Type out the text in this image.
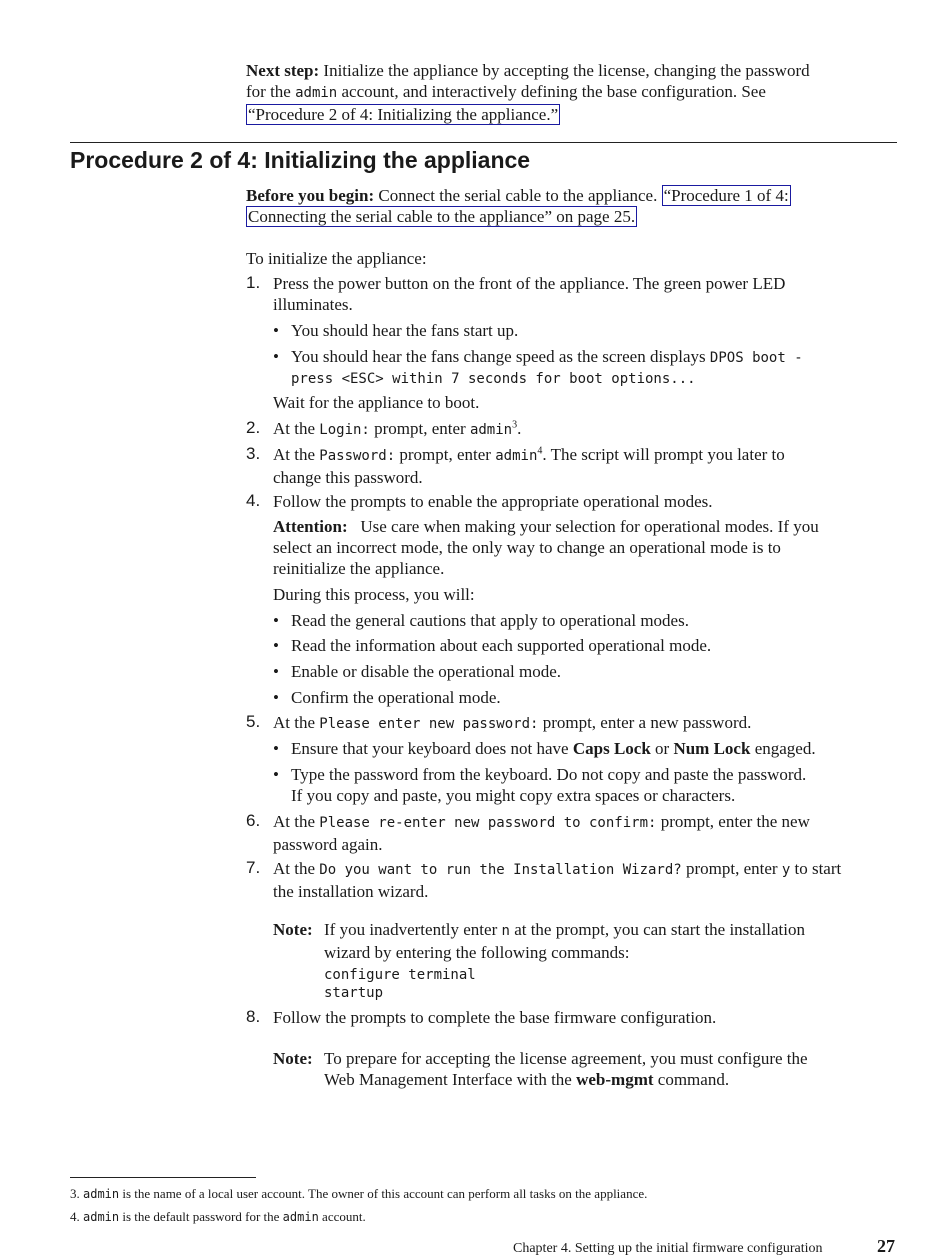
Next step: Initialize the appliance by accepting the license, changing the password
for the admin account, and interactively defining the base configuration. See
“Procedure 2 of 4: Initializing the appliance.”
Procedure 2 of 4: Initializing the appliance
Before you begin: Connect the serial cable to the appliance. “Procedure 1 of 4:
Connecting the serial cable to the appliance” on page 25.
To initialize the appliance:
1. Press the power button on the front of the appliance. The green power LED
illuminates.
• You should hear the fans start up.
• You should hear the fans change speed as the screen displays DPOS boot -
press <ESC> within 7 seconds for boot options...
Wait for the appliance to boot.
2. At the Login: prompt, enter admin$^3$.
3. At the Password: prompt, enter admin$^4$. The script will prompt you later to
change this password.
4. Follow the prompts to enable the appropriate operational modes.
Attention: Use care when making your selection for operational modes. If you
select an incorrect mode, the only way to change an operational mode is to
reinitialize the appliance.
During this process, you will:
• Read the general cautions that apply to operational modes.
• Read the information about each supported operational mode.
• Enable or disable the operational mode.
• Confirm the operational mode.
5. At the Please enter new password: prompt, enter a new password.
• Ensure that your keyboard does not have Caps Lock or Num Lock engaged.
• Type the password from the keyboard. Do not copy and paste the password.
If you copy and paste, you might copy extra spaces or characters.
6. At the Please re-enter new password to confirm: prompt, enter the new
password again.
7. At the Do you want to run the Installation Wizard? prompt, enter y to start
the installation wizard.
Note: If you inadvertently enter n at the prompt, you can start the installation
wizard by entering the following commands:
configure terminal
startup
8. Follow the prompts to complete the base firmware configuration.
Note: To prepare for accepting the license agreement, you must configure the
Web Management Interface with the web-mgmt command.
3. admin is the name of a local user account. The owner of this account can perform all tasks on the appliance.
4. admin is the default password for the admin account.
Chapter 4. Setting up the initial firmware configuration	27
